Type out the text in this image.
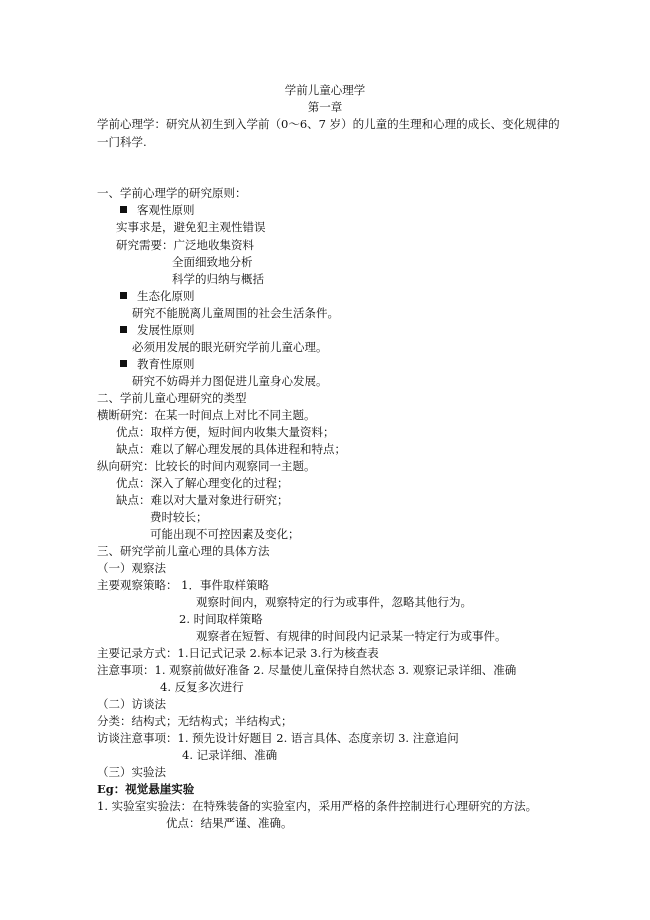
学前儿童心理学
第一章
学前心理学：研究从初生到入学前（0～6、7 岁）的儿童的生理和心理的成长、变化规律的
一门科学.
一、学前心理学的研究原则：
客观性原则
实事求是，避免犯主观性错误
研究需要：广泛地收集资料
全面细致地分析
科学的归纳与概括
生态化原则
研究不能脱离儿童周围的社会生活条件。
发展性原则
必须用发展的眼光研究学前儿童心理。
教育性原则
研究不妨碍并力图促进儿童身心发展。
二、学前儿童心理研究的类型
横断研究：在某一时间点上对比不同主题。
优点：取样方便，短时间内收集大量资料；
缺点：难以了解心理发展的具体进程和特点；
纵向研究：比较长的时间内观察同一主题。
优点：深入了解心理变化的过程；
缺点：难以对大量对象进行研究；
费时较长；
可能出现不可控因素及变化；
三、研究学前儿童心理的具体方法
（一）观察法
主要观察策略： 1．事件取样策略
观察时间内，观察特定的行为或事件，忽略其他行为。
2. 时间取样策略
观察者在短暂、有规律的时间段内记录某一特定行为或事件。
主要记录方式：1.日记式记录 2.标本记录 3.行为核查表
注意事项：1. 观察前做好准备 2. 尽量使儿童保持自然状态 3. 观察记录详细、准确
4. 反复多次进行
（二）访谈法
分类：结构式；无结构式；半结构式；
访谈注意事项：1. 预先设计好题目 2. 语言具体、态度亲切 3. 注意追问
4. 记录详细、准确
（三）实验法
Eg：视觉悬崖实验
1. 实验室实验法：在特殊装备的实验室内，采用严格的条件控制进行心理研究的方法。
优点：结果严谨、准确。
